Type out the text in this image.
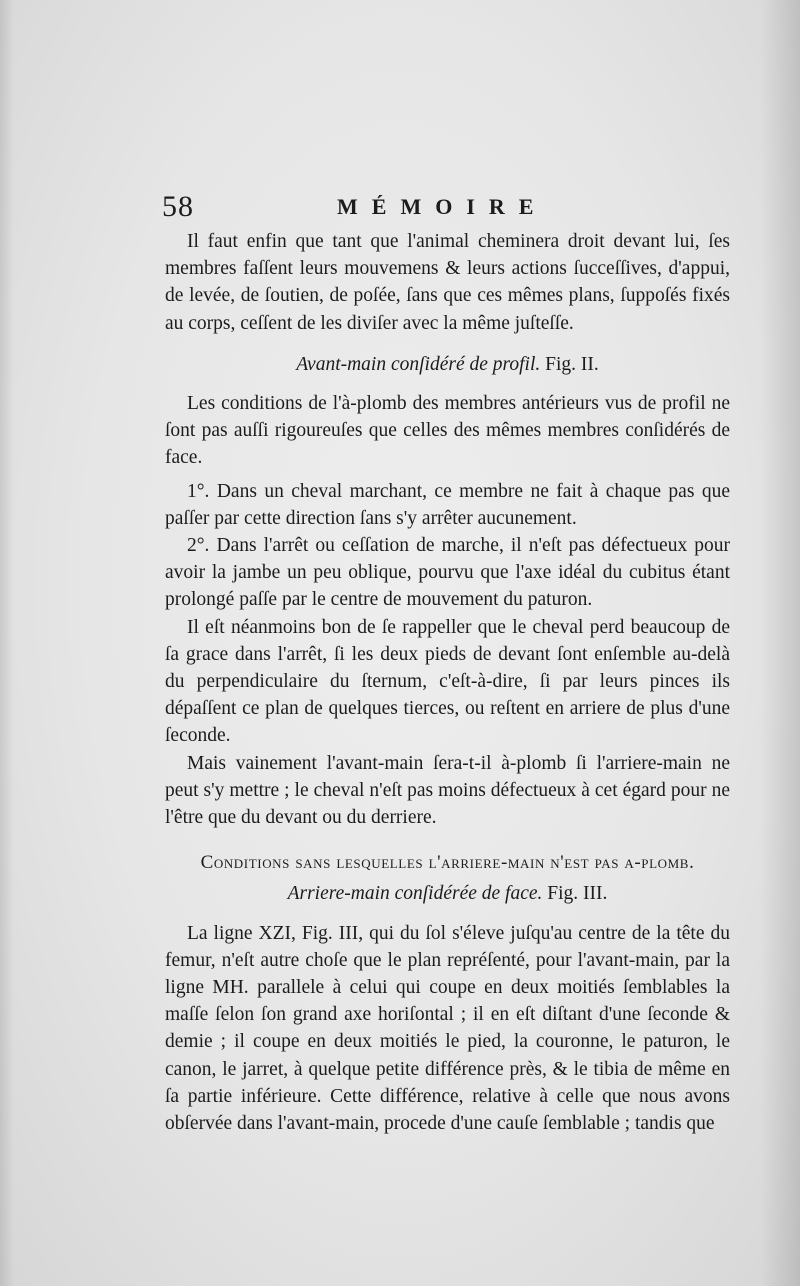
58	MÉMOIRE

Il faut enfin que tant que l'animal cheminera droit devant lui, ſes membres faſſent leurs mouvemens & leurs actions ſucceſſives, d'appui, de levée, de ſoutien, de poſée, ſans que ces mêmes plans, ſuppoſés fixés au corps, ceſſent de les diviſer avec la même juſteſſe.

Avant-main conſidéré de profil. Fig. II.

Les conditions de l'à-plomb des membres antérieurs vus de profil ne ſont pas auſſi rigoureuſes que celles des mêmes membres conſidérés de face.

1°. Dans un cheval marchant, ce membre ne fait à chaque pas que paſſer par cette direction ſans s'y arrêter aucunement.

2°. Dans l'arrêt ou ceſſation de marche, il n'eſt pas défectueux pour avoir la jambe un peu oblique, pourvu que l'axe idéal du cubitus étant prolongé paſſe par le centre de mouvement du paturon.

Il eſt néanmoins bon de ſe rappeller que le cheval perd beaucoup de ſa grace dans l'arrêt, ſi les deux pieds de devant ſont enſemble au-delà du perpendiculaire du ſternum, c'eſt-à-dire, ſi par leurs pinces ils dépaſſent ce plan de quelques tierces, ou reſtent en arriere de plus d'une ſeconde.

Mais vainement l'avant-main ſera-t-il à-plomb ſi l'arriere-main ne peut s'y mettre ; le cheval n'eſt pas moins défectueux à cet égard pour ne l'être que du devant ou du derriere.

Conditions sans lesquelles l'arriere-main n'est pas a-plomb.

Arriere-main conſidérée de face. Fig. III.

La ligne XZI, Fig. III, qui du ſol s'éleve juſqu'au centre de la tête du femur, n'eſt autre choſe que le plan repréſenté, pour l'avant-main, par la ligne MH. parallele à celui qui coupe en deux moitiés ſemblables la maſſe ſelon ſon grand axe horiſontal ; il en eſt diſtant d'une ſeconde & demie ; il coupe en deux moitiés le pied, la couronne, le paturon, le canon, le jarret, à quelque petite différence près, & le tibia de même en ſa partie inférieure. Cette différence, relative à celle que nous avons obſervée dans l'avant-main, procede d'une cauſe ſemblable ; tandis que
